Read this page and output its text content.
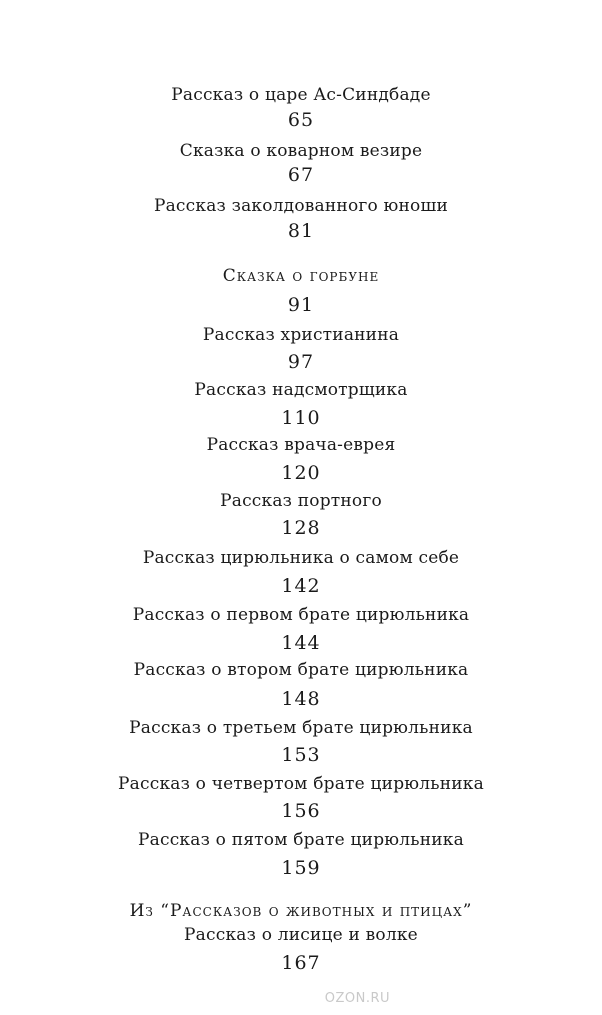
Рассказ о царе Ас-Синдбаде
65
Сказка о коварном везире
67
Рассказ заколдованного юноши
81
Сказка о горбуне
91
Рассказ христианина
97
Рассказ надсмотрщика
110
Рассказ врача-еврея
120
Рассказ портного
128
Рассказ цирюльника о самом себе
142
Рассказ о первом брате цирюльника
144
Рассказ о втором брате цирюльника
148
Рассказ о третьем брате цирюльника
153
Рассказ о четвертом брате цирюльника
156
Рассказ о пятом брате цирюльника
159
Из “Рассказов о животных и птицах”
Рассказ о лисице и волке
167
OZON.RU
